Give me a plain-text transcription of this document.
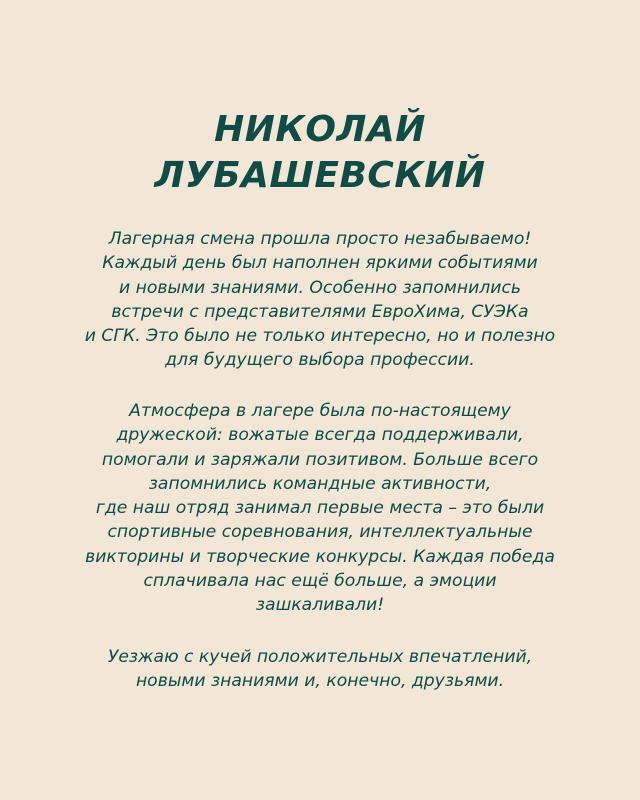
НИКОЛАЙ
ЛУБАШЕВСКИЙ

Лагерная смена прошла просто незабываемо!
Каждый день был наполнен яркими событиями
и новыми знаниями. Особенно запомнились
встречи с представителями ЕвроХима, СУЭКа
и СГК. Это было не только интересно, но и полезно
для будущего выбора профессии.

Атмосфера в лагере была по-настоящему
дружеской: вожатые всегда поддерживали,
помогали и заряжали позитивом. Больше всего
запомнились командные активности,
где наш отряд занимал первые места – это были
спортивные соревнования, интеллектуальные
викторины и творческие конкурсы. Каждая победа
сплачивала нас ещё больше, а эмоции
зашкаливали!

Уезжаю с кучей положительных впечатлений,
новыми знаниями и, конечно, друзьями.
